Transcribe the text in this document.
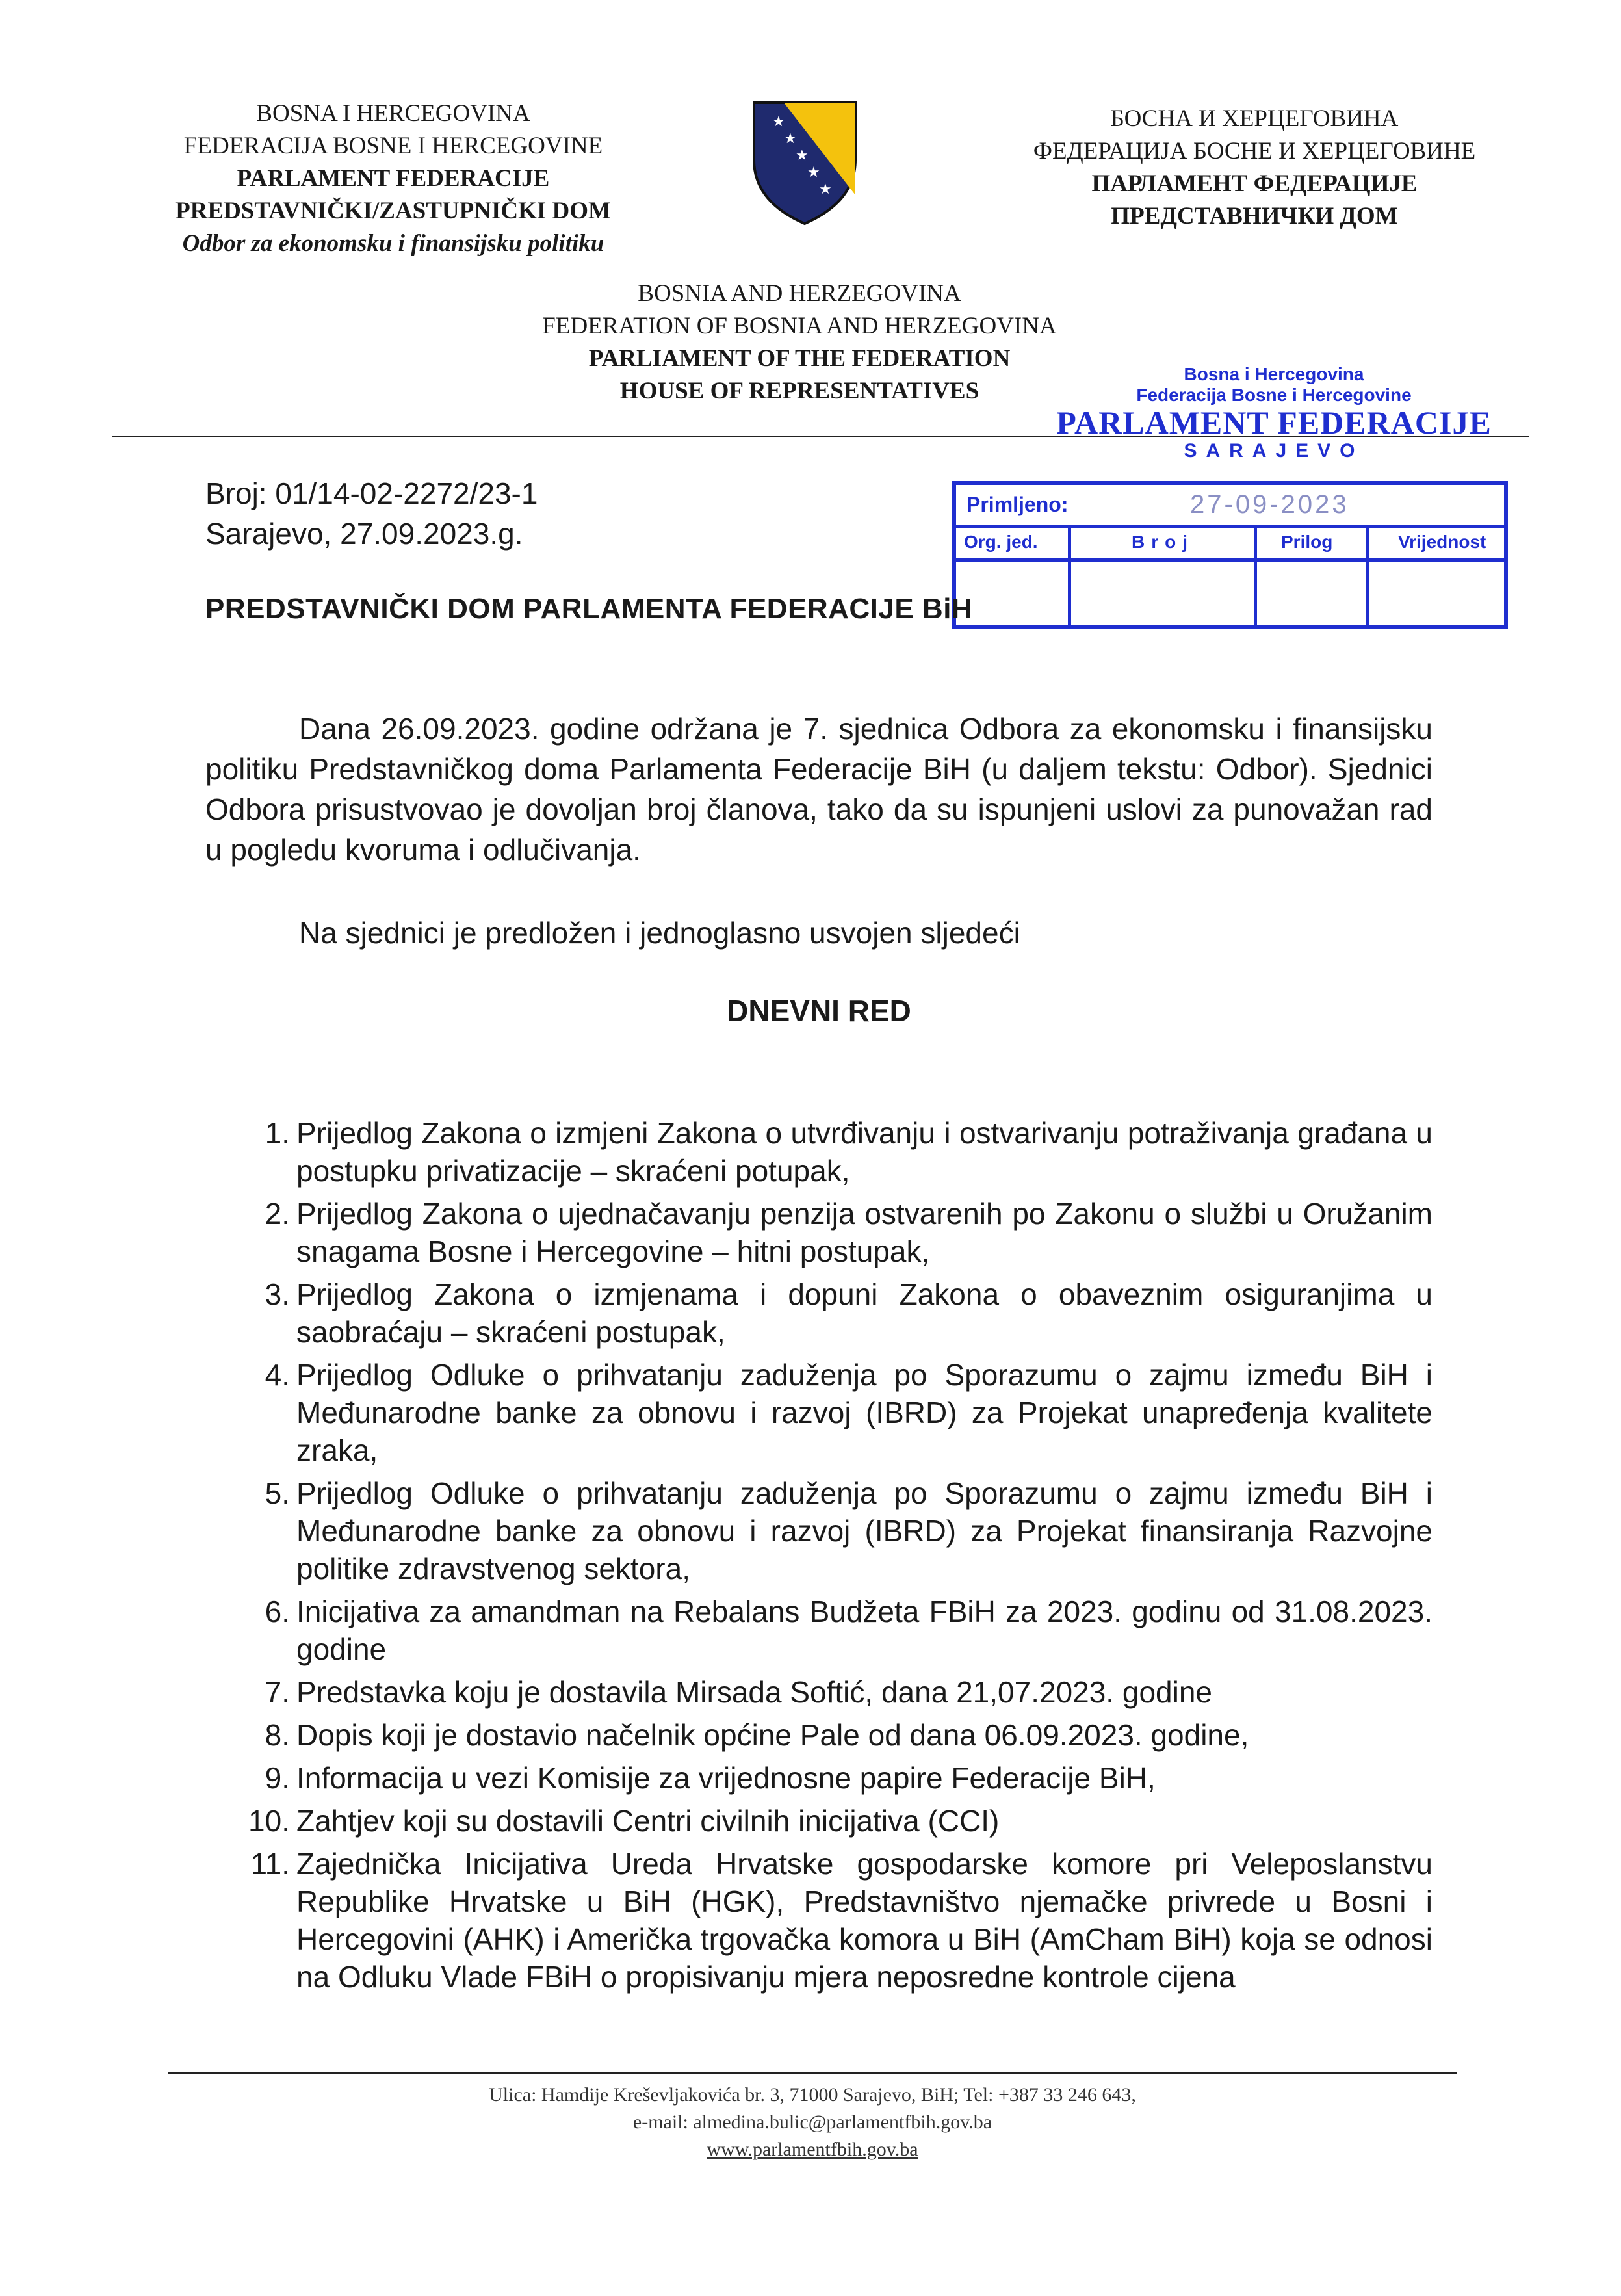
BOSNA I HERCEGOVINA
FEDERACIJA BOSNE I HERCEGOVINE
PARLAMENT FEDERACIJE
PREDSTAVNIČKI/ZASTUPNIČKI DOM
Odbor za ekonomsku i finansijsku politiku
★
★
★
★
★
БОСНА И ХЕРЦЕГОВИНА
ФЕДЕРАЦИЈА БОСНЕ И ХЕРЦЕГОВИНЕ
ПАРЛАМЕНТ ФЕДЕРАЦИЈЕ
ПРЕДСТАВНИЧКИ ДОМ
BOSNIA AND HERZEGOVINA
FEDERATION OF BOSNIA AND HERZEGOVINA
PARLIAMENT OF THE FEDERATION
HOUSE OF REPRESENTATIVES
Bosna i Hercegovina
Federacija Bosne i Hercegovine
PARLAMENT FEDERACIJE
SARAJEVO
Primljeno:	27-09-2023
Org. jed.	Broj	Prilog	Vrijednost
Broj: 01/14-02-2272/23-1
Sarajevo, 27.09.2023.g.
PREDSTAVNIČKI DOM PARLAMENTA FEDERACIJE BiH
Dana 26.09.2023. godine održana je 7. sjednica Odbora za ekonomsku i finansijsku politiku Predstavničkog doma Parlamenta Federacije BiH (u daljem tekstu: Odbor). Sjednici Odbora prisustvovao je dovoljan broj članova, tako da su ispunjeni uslovi za punovažan rad u pogledu kvoruma i odlučivanja.
Na sjednici je predložen i jednoglasno usvojen sljedeći
DNEVNI RED
1. Prijedlog Zakona o izmjeni Zakona o utvrđivanju i ostvarivanju potraživanja građana u postupku privatizacije – skraćeni potupak,
2. Prijedlog Zakona o ujednačavanju penzija ostvarenih po Zakonu o službi u Oružanim snagama Bosne i Hercegovine – hitni postupak,
3. Prijedlog Zakona o izmjenama i dopuni Zakona o obaveznim osiguranjima u saobraćaju – skraćeni postupak,
4. Prijedlog Odluke o prihvatanju zaduženja po Sporazumu o zajmu između BiH i Međunarodne banke za obnovu i razvoj (IBRD) za Projekat unapređenja kvalitete zraka,
5. Prijedlog Odluke o prihvatanju zaduženja po Sporazumu o zajmu između BiH i Međunarodne banke za obnovu i razvoj (IBRD) za Projekat finansiranja Razvojne politike zdravstvenog sektora,
6. Inicijativa za amandman na Rebalans Budžeta FBiH za 2023. godinu od 31.08.2023. godine
7. Predstavka koju je dostavila Mirsada Softić, dana 21,07.2023. godine
8. Dopis koji je dostavio načelnik općine Pale od dana 06.09.2023. godine,
9. Informacija u vezi Komisije za vrijednosne papire Federacije BiH,
10. Zahtjev koji su dostavili Centri civilnih inicijativa (CCI)
11. Zajednička Inicijativa Ureda Hrvatske gospodarske komore pri Veleposlanstvu Republike Hrvatske u BiH (HGK), Predstavništvo njemačke privrede u Bosni i Hercegovini (AHK) i Američka trgovačka komora u BiH (AmCham BiH) koja se odnosi na Odluku Vlade FBiH o propisivanju mjera neposredne kontrole cijena
Ulica: Hamdije Kreševljakovića br. 3, 71000 Sarajevo, BiH; Tel: +387 33 246 643,
e-mail: almedina.bulic@parlamentfbih.gov.ba
www.parlamentfbih.gov.ba
